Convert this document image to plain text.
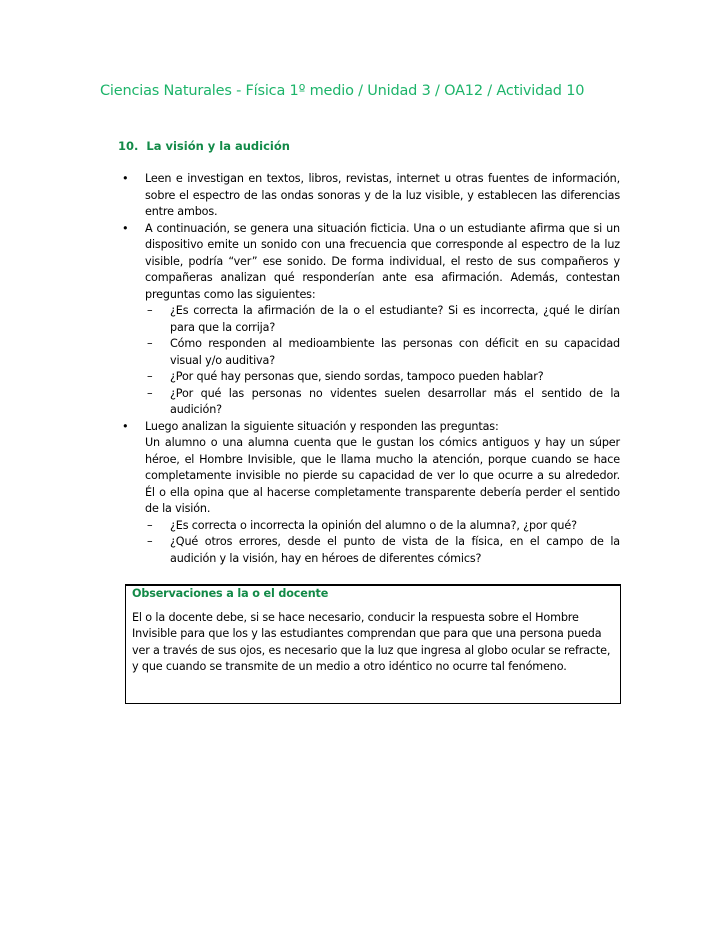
Ciencias Naturales - Física 1º medio / Unidad 3 / OA12 / Actividad 10
10. La visión y la audición
• Leen e investigan en textos, libros, revistas, internet u otras fuentes de información, sobre el espectro de las ondas sonoras y de la luz visible, y establecen las diferencias entre ambos.
• A continuación, se genera una situación ficticia. Una o un estudiante afirma que si un dispositivo emite un sonido con una frecuencia que corresponde al espectro de la luz visible, podría “ver” ese sonido. De forma individual, el resto de sus compañeros y compañeras analizan qué responderían ante esa afirmación. Además, contestan preguntas como las siguientes:
– ¿Es correcta la afirmación de la o el estudiante? Si es incorrecta, ¿qué le dirían para que la corrija?
– Cómo responden al medioambiente las personas con déficit en su capacidad visual y/o auditiva?
– ¿Por qué hay personas que, siendo sordas, tampoco pueden hablar?
– ¿Por qué las personas no videntes suelen desarrollar más el sentido de la audición?
• Luego analizan la siguiente situación y responden las preguntas:
Un alumno o una alumna cuenta que le gustan los cómics antiguos y hay un súper héroe, el Hombre Invisible, que le llama mucho la atención, porque cuando se hace completamente invisible no pierde su capacidad de ver lo que ocurre a su alrededor. Él o ella opina que al hacerse completamente transparente debería perder el sentido de la visión.
– ¿Es correcta o incorrecta la opinión del alumno o de la alumna?, ¿por qué?
– ¿Qué otros errores, desde el punto de vista de la física, en el campo de la audición y la visión, hay en héroes de diferentes cómics?
Observaciones a la o el docente
El o la docente debe, si se hace necesario, conducir la respuesta sobre el Hombre Invisible para que los y las estudiantes comprendan que para que una persona pueda ver a través de sus ojos, es necesario que la luz que ingresa al globo ocular se refracte, y que cuando se transmite de un medio a otro idéntico no ocurre tal fenómeno.
